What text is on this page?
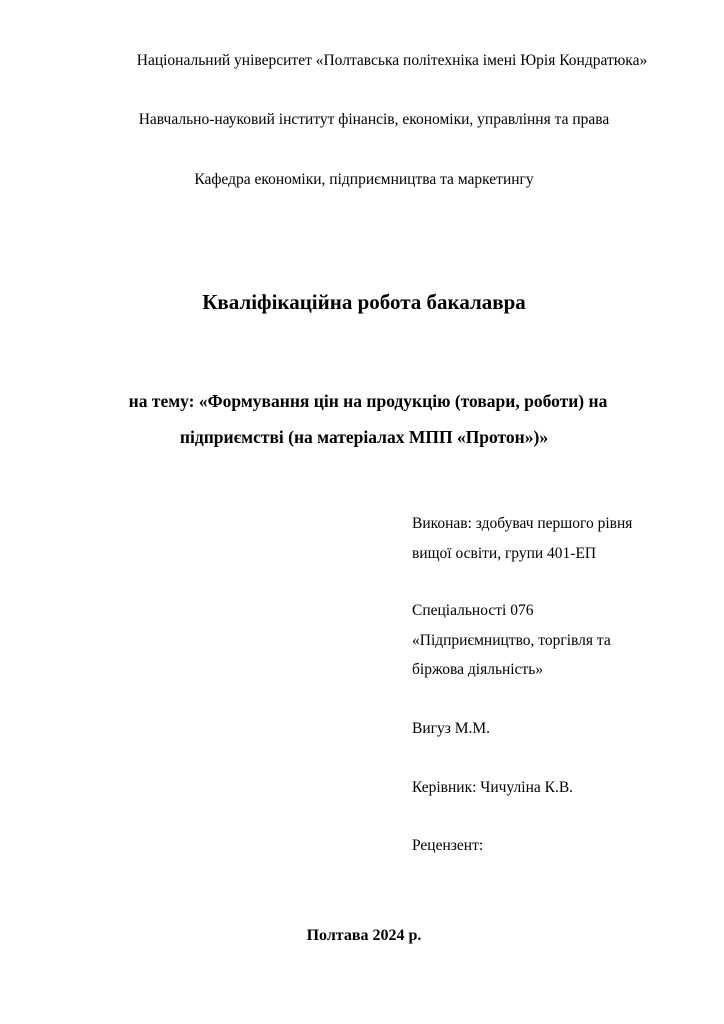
Національний університет «Полтавська політехніка імені Юрія Кондратюка»
Навчально-науковий інститут фінансів, економіки, управління та права
Кафедра економіки, підприємництва та маркетингу
Кваліфікаційна робота бакалавра
на тему: «Формування цін на продукцію (товари, роботи) на
підприємстві (на матеріалах МПП «Протон»)»
Виконав: здобувач першого рівня
вищої освіти, групи 401-ЕП
Спеціальності 076
«Підприємництво, торгівля та
біржова діяльність»
Вигуз М.М.
Керівник: Чичуліна К.В.
Рецензент:
Полтава 2024 р.
